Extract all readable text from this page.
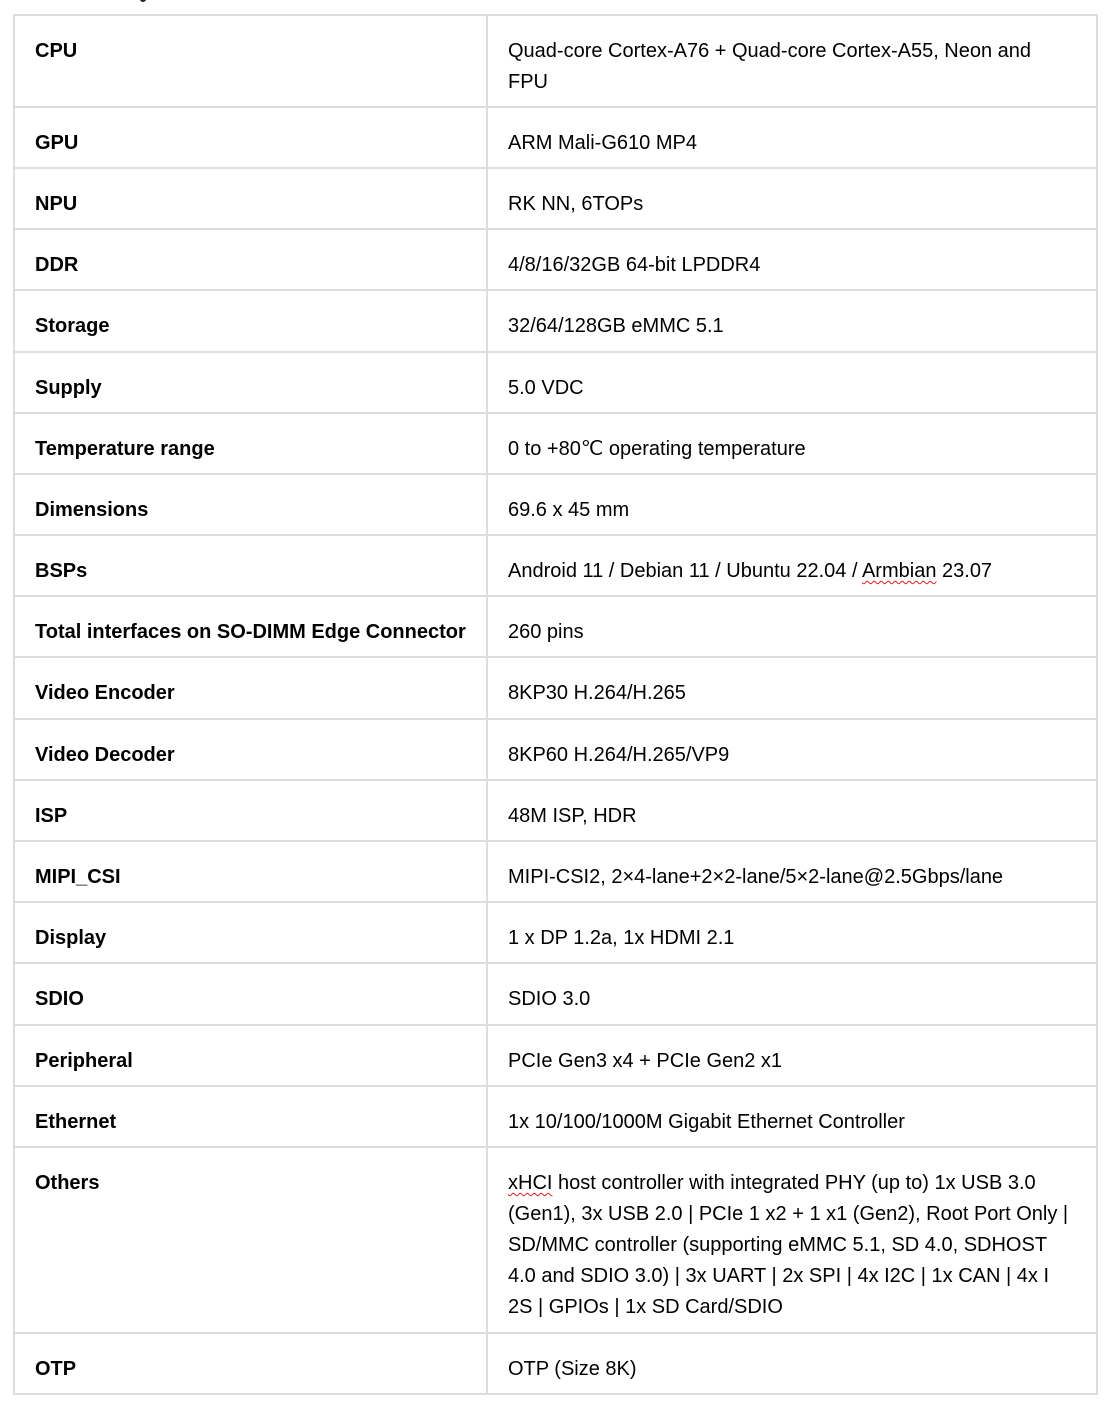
CPU	Quad-core Cortex-A76 + Quad-core Cortex-A55, Neon and FPU
GPU	ARM Mali-G610 MP4
NPU	RK NN, 6TOPs
DDR	4/8/16/32GB 64-bit LPDDR4
Storage	32/64/128GB eMMC 5.1
Supply	5.0 VDC
Temperature range	0 to +80℃ operating temperature
Dimensions	69.6 x 45 mm
BSPs	Android 11 / Debian 11 / Ubuntu 22.04 / Armbian 23.07
Total interfaces on SO-DIMM Edge Connector	260 pins
Video Encoder	8KP30 H.264/H.265
Video Decoder	8KP60 H.264/H.265/VP9
ISP	48M ISP, HDR
MIPI_CSI	MIPI-CSI2, 2×4-lane+2×2-lane/5×2-lane@2.5Gbps/lane
Display	1 x DP 1.2a, 1x HDMI 2.1
SDIO	SDIO 3.0
Peripheral	PCIe Gen3 x4 + PCIe Gen2 x1
Ethernet	1x 10/100/1000M Gigabit Ethernet Controller
Others	xHCI host controller with integrated PHY (up to) 1x USB 3.0 (Gen1), 3x USB 2.0 | PCIe 1 x2 + 1 x1 (Gen2), Root Port Only | SD/MMC controller (supporting eMMC 5.1, SD 4.0, SDHOST 4.0 and SDIO 3.0) | 3x UART | 2x SPI | 4x I2C | 1x CAN | 4x I 2S | GPIOs | 1x SD Card/SDIO
OTP	OTP (Size 8K)
